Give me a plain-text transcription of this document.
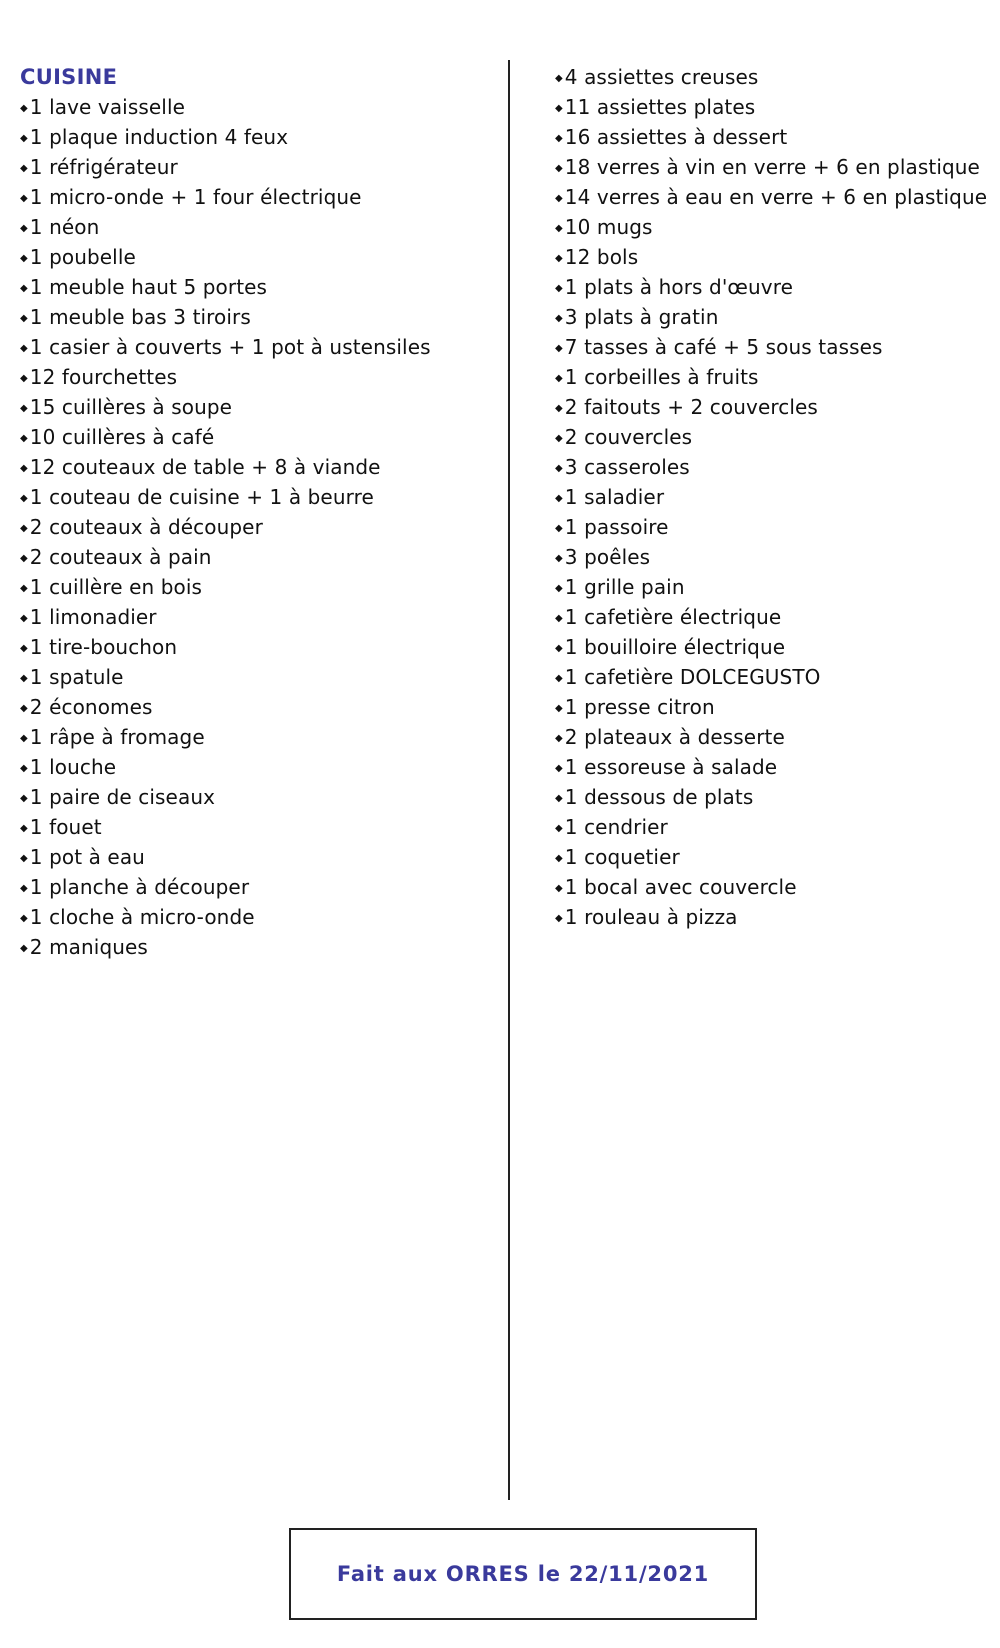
CUISINE
◆ 1 lave vaisselle
◆ 1 plaque induction 4 feux
◆ 1 réfrigérateur
◆ 1 micro-onde + 1 four électrique
◆ 1 néon
◆ 1 poubelle
◆ 1 meuble haut 5 portes
◆ 1 meuble bas 3 tiroirs
◆ 1 casier à couverts + 1 pot à ustensiles
◆ 12 fourchettes
◆ 15 cuillères à soupe
◆ 10 cuillères à café
◆ 12 couteaux de table + 8 à viande
◆ 1 couteau de cuisine + 1 à beurre
◆ 2 couteaux à découper
◆ 2 couteaux à pain
◆ 1 cuillère en bois
◆ 1 limonadier
◆ 1 tire-bouchon
◆ 1 spatule
◆ 2 économes
◆ 1 râpe à fromage
◆ 1 louche
◆ 1 paire de ciseaux
◆ 1 fouet
◆ 1 pot à eau
◆ 1 planche à découper
◆ 1 cloche à micro-onde
◆ 2 maniques
◆ 4 assiettes creuses
◆ 11 assiettes plates
◆ 16 assiettes à dessert
◆ 18 verres à vin en verre + 6 en plastique
◆ 14 verres à eau en verre + 6 en plastique
◆ 10 mugs
◆ 12 bols
◆ 1 plats à hors d'œuvre
◆ 3 plats à gratin
◆ 7 tasses à café + 5 sous tasses
◆ 1 corbeilles à fruits
◆ 2 faitouts + 2 couvercles
◆ 2 couvercles
◆ 3 casseroles
◆ 1 saladier
◆ 1 passoire
◆ 3 poêles
◆ 1 grille pain
◆ 1 cafetière électrique
◆ 1 bouilloire électrique
◆ 1 cafetière DOLCEGUSTO
◆ 1 presse citron
◆ 2 plateaux à desserte
◆ 1 essoreuse à salade
◆ 1 dessous de plats
◆ 1 cendrier
◆ 1 coquetier
◆ 1 bocal avec couvercle
◆ 1 rouleau à pizza
Fait aux ORRES le 22/11/2021
